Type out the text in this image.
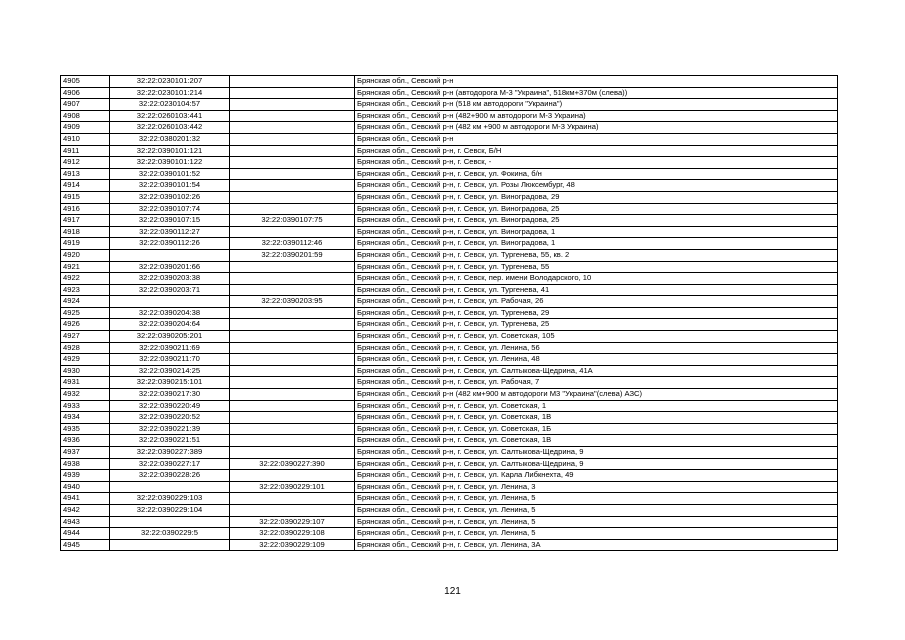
4905	32:22:0230101:207		Брянская обл., Севский р-н
4906	32:22:0230101:214		Брянская обл., Севский р-н (автодорога М-3 "Украина", 518км+370м (слева))
4907	32:22:0230104:57		Брянская обл., Севский р-н (518 км автодороги "Украина")
4908	32:22:0260103:441		Брянская обл., Севский р-н (482+900 м автодороги М-3 Украина)
4909	32:22:0260103:442		Брянская обл., Севский р-н (482 км +900 м автодороги М-3 Украина)
4910	32:22:0380201:32		Брянская обл., Севский р-н
4911	32:22:0390101:121		Брянская обл., Севский р-н, г. Севск, Б/Н
4912	32:22:0390101:122		Брянская обл., Севский р-н, г. Севск, -
4913	32:22:0390101:52		Брянская обл., Севский р-н, г. Севск, ул. Фокина, б/н
4914	32:22:0390101:54		Брянская обл., Севский р-н, г. Севск, ул. Розы Люксембург, 48
4915	32:22:0390102:26		Брянская обл., Севский р-н, г. Севск, ул. Виноградова, 29
4916	32:22:0390107:74		Брянская обл., Севский р-н, г. Севск, ул. Виноградова, 25
4917	32:22:0390107:15	32:22:0390107:75	Брянская обл., Севский р-н, г. Севск, ул. Виноградова, 25
4918	32:22:0390112:27		Брянская обл., Севский р-н, г. Севск, ул. Виноградова, 1
4919	32:22:0390112:26	32:22:0390112:46	Брянская обл., Севский р-н, г. Севск, ул. Виноградова, 1
4920		32:22:0390201:59	Брянская обл., Севский р-н, г. Севск, ул. Тургенева, 55, кв. 2
4921	32:22:0390201:66		Брянская обл., Севский р-н, г. Севск, ул. Тургенева, 55
4922	32:22:0390203:38		Брянская обл., Севский р-н, г. Севск, пер. имени Володарского, 10
4923	32:22:0390203:71		Брянская обл., Севский р-н, г. Севск, ул. Тургенева, 41
4924		32:22:0390203:95	Брянская обл., Севский р-н, г. Севск, ул. Рабочая, 26
4925	32:22:0390204:38		Брянская обл., Севский р-н, г. Севск, ул. Тургенева, 29
4926	32:22:0390204:64		Брянская обл., Севский р-н, г. Севск, ул. Тургенева, 25
4927	32:22:0390205:201		Брянская обл., Севский р-н, г. Севск, ул. Советская, 105
4928	32:22:0390211:69		Брянская обл., Севский р-н, г. Севск, ул. Ленина, 56
4929	32:22:0390211:70		Брянская обл., Севский р-н, г. Севск, ул. Ленина, 48
4930	32:22:0390214:25		Брянская обл., Севский р-н, г. Севск, ул. Салтыкова-Щедрина, 41А
4931	32:22:0390215:101		Брянская обл., Севский р-н, г. Севск, ул. Рабочая, 7
4932	32:22:0390217:30		Брянская обл., Севский р-н (482 км+900 м автодороги М3 "Украина"(слева) АЗС)
4933	32:22:0390220:49		Брянская обл., Севский р-н, г. Севск, ул. Советская, 1
4934	32:22:0390220:52		Брянская обл., Севский р-н, г. Севск, ул. Советская, 1В
4935	32:22:0390221:39		Брянская обл., Севский р-н, г. Севск, ул. Советская, 1Б
4936	32:22:0390221:51		Брянская обл., Севский р-н, г. Севск, ул. Советская, 1В
4937	32:22:0390227:389		Брянская обл., Севский р-н, г. Севск, ул. Салтыкова-Щедрина, 9
4938	32:22:0390227:17	32:22:0390227:390	Брянская обл., Севский р-н, г. Севск, ул. Салтыкова-Щедрина, 9
4939	32:22:0390228:26		Брянская обл., Севский р-н, г. Севск, ул. Карла Либкнехта, 49
4940		32:22:0390229:101	Брянская обл., Севский р-н, г. Севск, ул. Ленина, 3
4941	32:22:0390229:103		Брянская обл., Севский р-н, г. Севск, ул. Ленина, 5
4942	32:22:0390229:104		Брянская обл., Севский р-н, г. Севск, ул. Ленина, 5
4943		32:22:0390229:107	Брянская обл., Севский р-н, г. Севск, ул. Ленина, 5
4944	32:22:0390229:5	32:22:0390229:108	Брянская обл., Севский р-н, г. Севск, ул. Ленина, 5
4945		32:22:0390229:109	Брянская обл., Севский р-н, г. Севск, ул. Ленина, 3А
121
